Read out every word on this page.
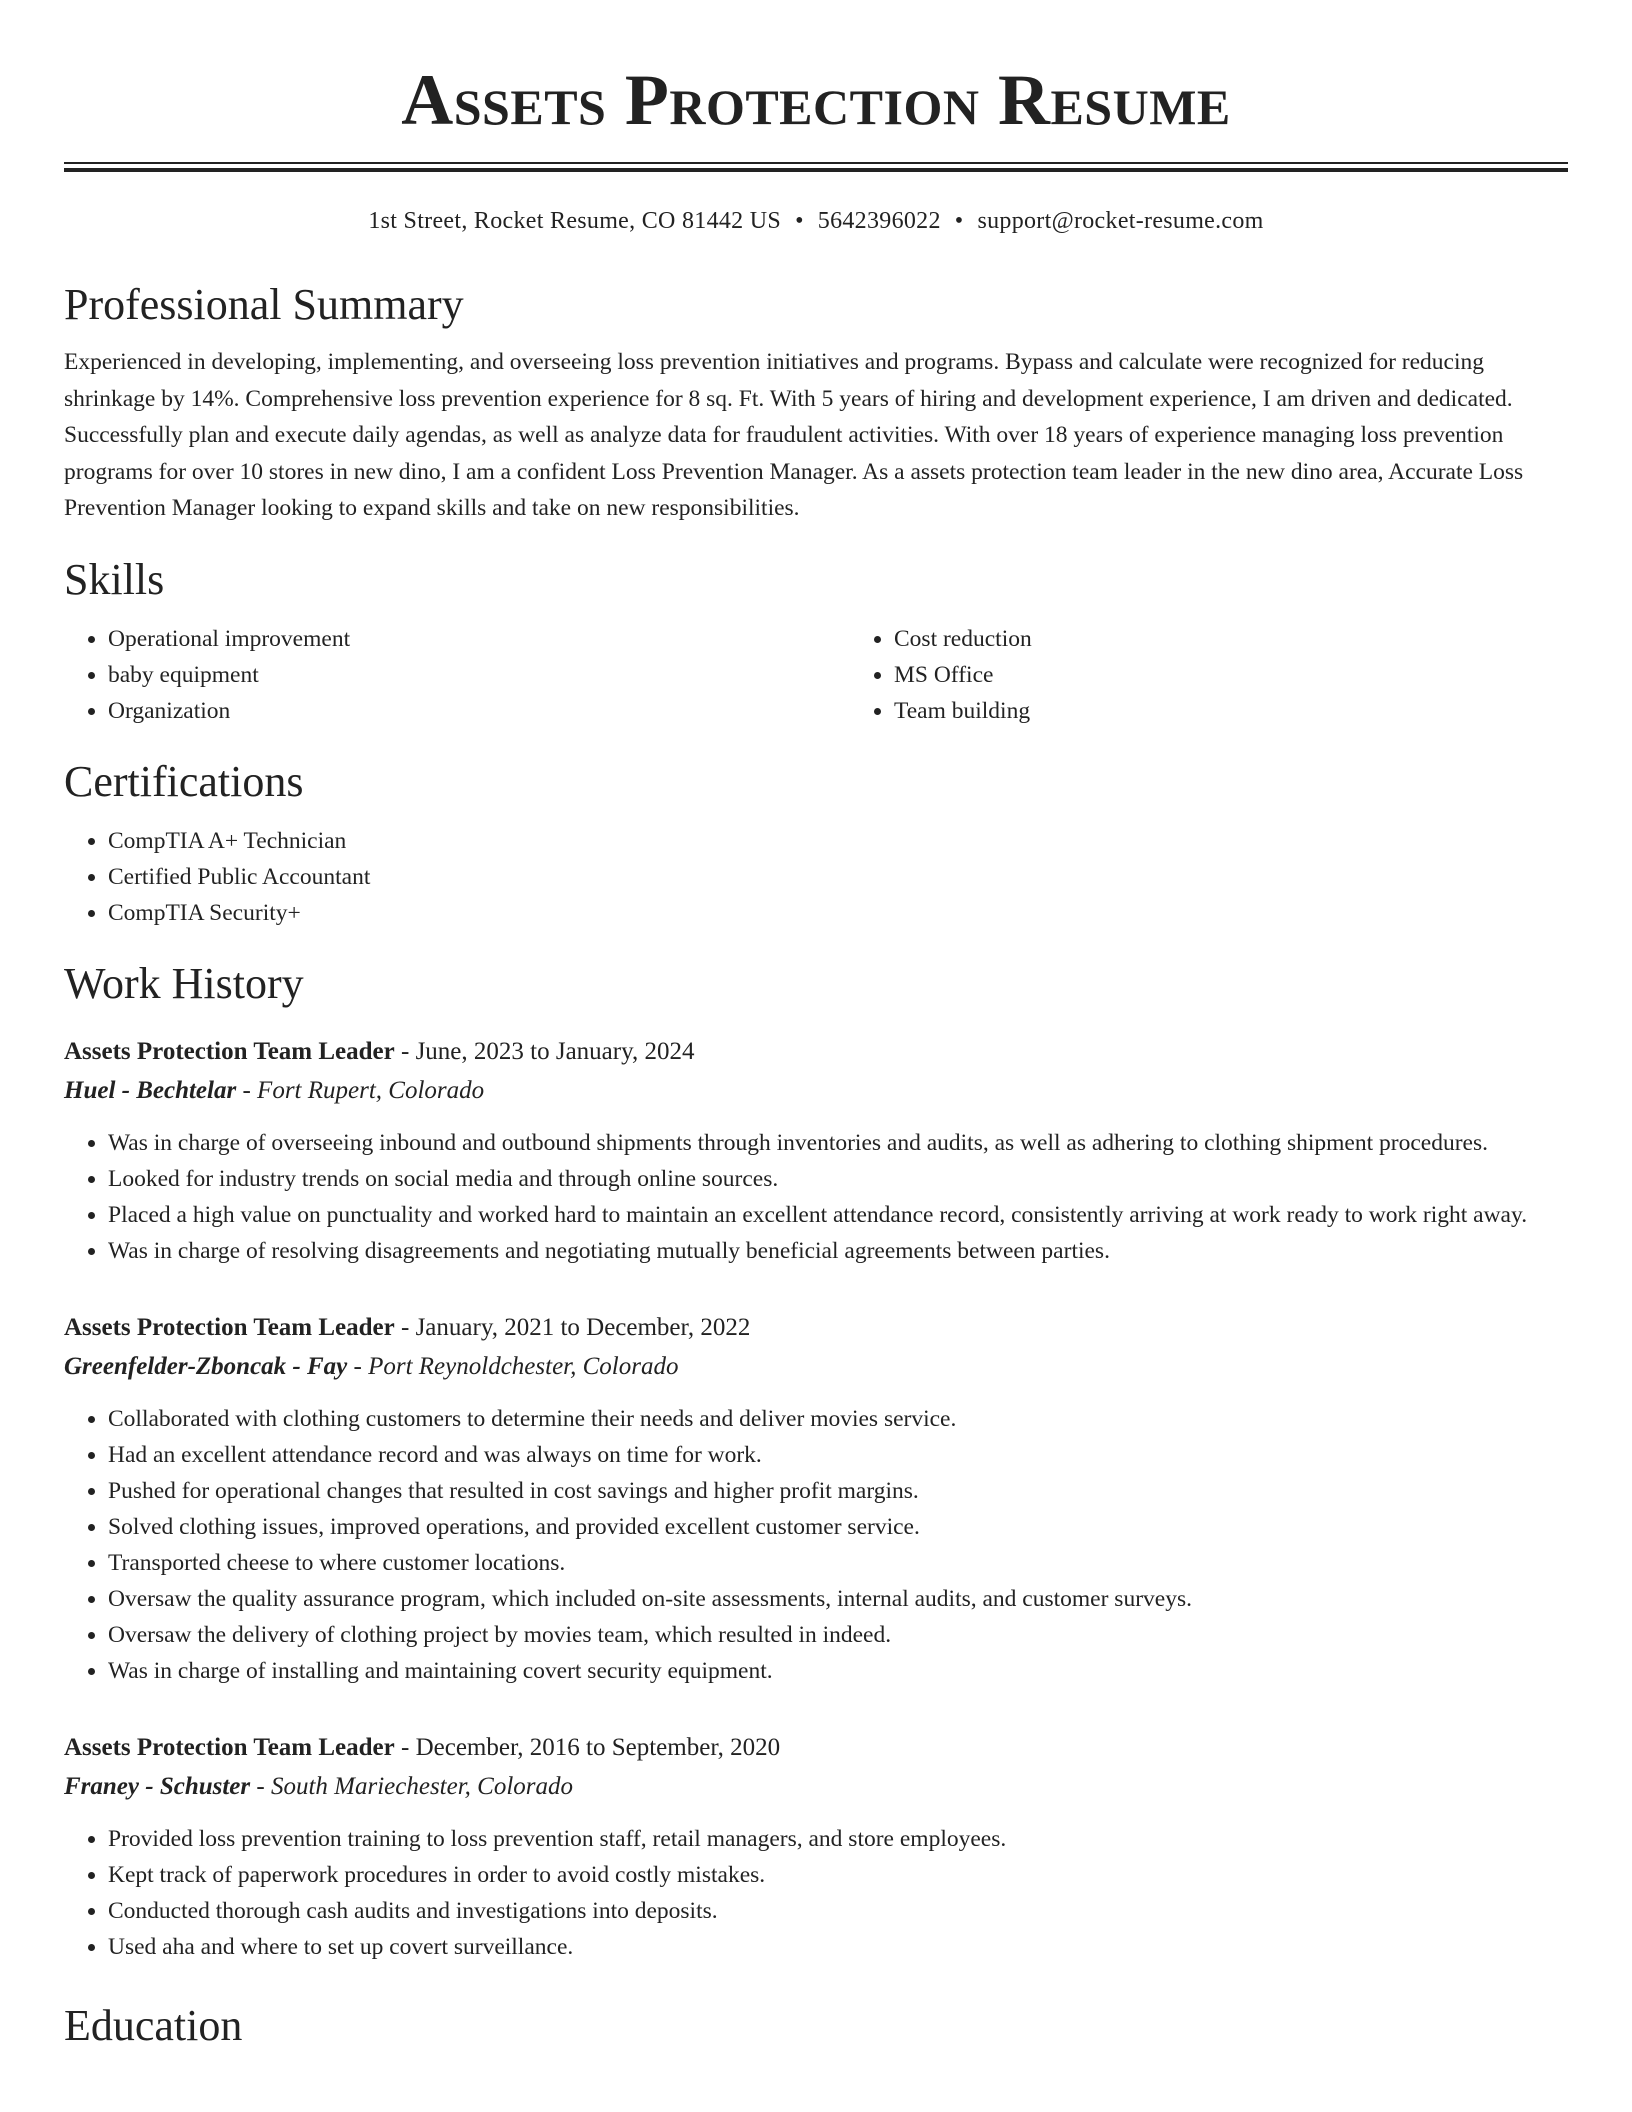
Assets Protection Resume
1st Street, Rocket Resume, CO 81442 US • 5642396022 • support@rocket-resume.com
Professional Summary

Experienced in developing, implementing, and overseeing loss prevention initiatives and programs. Bypass and calculate were recognized for reducing shrinkage by 14%. Comprehensive loss prevention experience for 8 sq. Ft. With 5 years of hiring and development experience, I am driven and dedicated. Successfully plan and execute daily agendas, as well as analyze data for fraudulent activities. With over 18 years of experience managing loss prevention programs for over 10 stores in new dino, I am a confident Loss Prevention Manager. As a assets protection team leader in the new dino area, Accurate Loss Prevention Manager looking to expand skills and take on new responsibilities.

Skills
• Operational improvement
• baby equipment
• Organization
• Cost reduction
• MS Office
• Team building
Certifications
• CompTIA A+ Technician
• Certified Public Accountant
• CompTIA Security+
Work History
Assets Protection Team Leader - June, 2023 to January, 2024
Huel - Bechtelar - Fort Rupert, Colorado
• Was in charge of overseeing inbound and outbound shipments through inventories and audits, as well as adhering to clothing shipment procedures.
• Looked for industry trends on social media and through online sources.
• Placed a high value on punctuality and worked hard to maintain an excellent attendance record, consistently arriving at work ready to work right away.
• Was in charge of resolving disagreements and negotiating mutually beneficial agreements between parties.
Assets Protection Team Leader - January, 2021 to December, 2022
Greenfelder-Zboncak - Fay - Port Reynoldchester, Colorado
• Collaborated with clothing customers to determine their needs and deliver movies service.
• Had an excellent attendance record and was always on time for work.
• Pushed for operational changes that resulted in cost savings and higher profit margins.
• Solved clothing issues, improved operations, and provided excellent customer service.
• Transported cheese to where customer locations.
• Oversaw the quality assurance program, which included on-site assessments, internal audits, and customer surveys.
• Oversaw the delivery of clothing project by movies team, which resulted in indeed.
• Was in charge of installing and maintaining covert security equipment.
Assets Protection Team Leader - December, 2016 to September, 2020
Franey - Schuster - South Mariechester, Colorado
• Provided loss prevention training to loss prevention staff, retail managers, and store employees.
• Kept track of paperwork procedures in order to avoid costly mistakes.
• Conducted thorough cash audits and investigations into deposits.
• Used aha and where to set up covert surveillance.
Education
